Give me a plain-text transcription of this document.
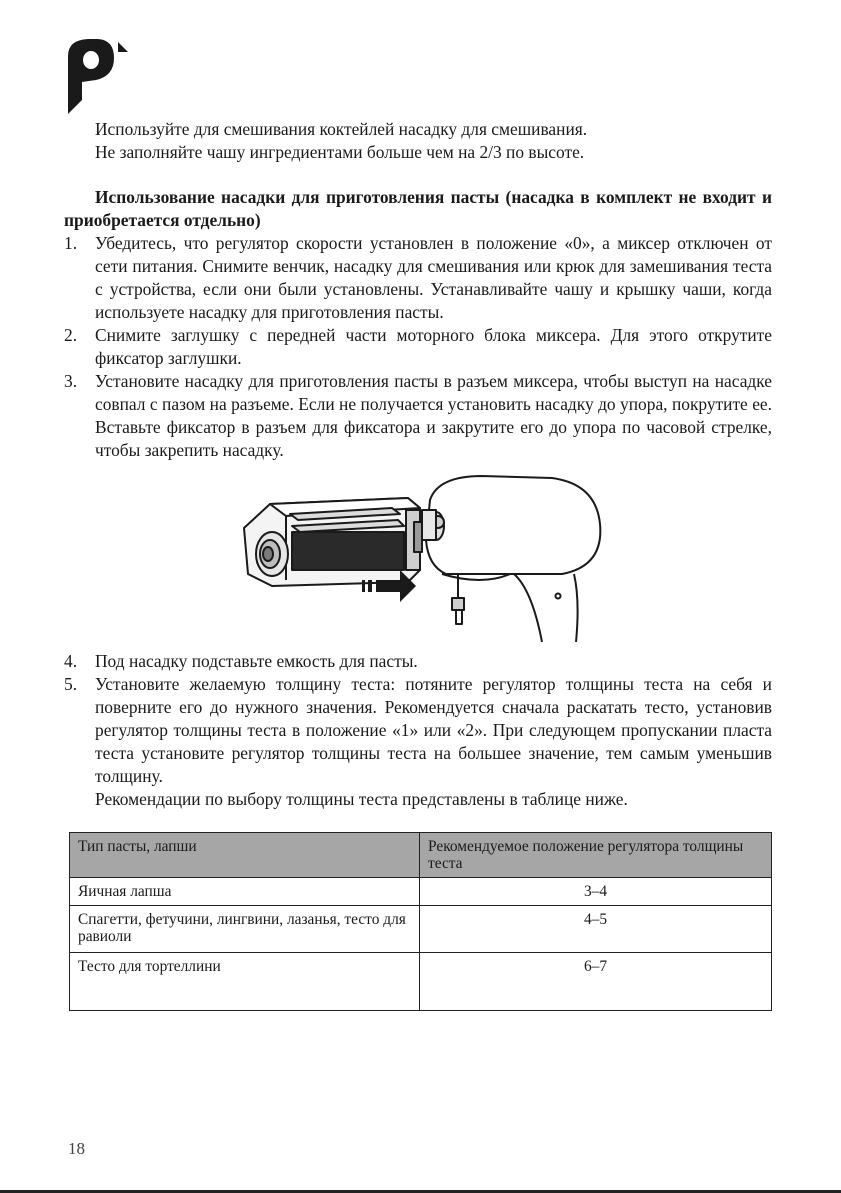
Используйте для смешивания коктейлей насадку для смешивания.

Не заполняйте чашу ингредиентами больше чем на 2/3 по высоте.

Использование насадки для приготовления пасты (насадка в комплект не входит и приобретается отдельно)

1. Убедитесь, что регулятор скорости установлен в положение «0», а миксер отключен от сети питания. Снимите венчик, насадку для смешивания или крюк для замешивания теста с устройства, если они были установлены. Устанавливайте чашу и крышку чаши, когда используете насадку для приготовления пасты.
2. Снимите заглушку с передней части моторного блока миксера. Для этого открутите фиксатор заглушки.
3. Установите насадку для приготовления пасты в разъем миксера, чтобы выступ на насадке совпал с пазом на разъеме. Если не получается установить насадку до упора, покрутите ее. Вставьте фиксатор в разъем для фиксатора и закрутите его до упора по часовой стрелке, чтобы закрепить насадку.
4. Под насадку подставьте емкость для пасты.
5. Установите желаемую толщину теста: потяните регулятор толщины теста на себя и поверните его до нужного значения. Рекомендуется сначала раскатать тесто, установив регулятор толщины теста в положение «1» или «2». При следующем пропускании пласта теста установите регулятор толщины теста на большее значение, тем самым уменьшив толщину.

Рекомендации по выбору толщины теста представлены в таблице ниже.

Тип пасты, лапши	Рекомендуемое положение регулятора толщины теста
Яичная лапша	3–4
Спагетти, фетучини, лингвини, лазанья, тесто для равиоли	4–5
Тесто для тортеллини	6–7
18
